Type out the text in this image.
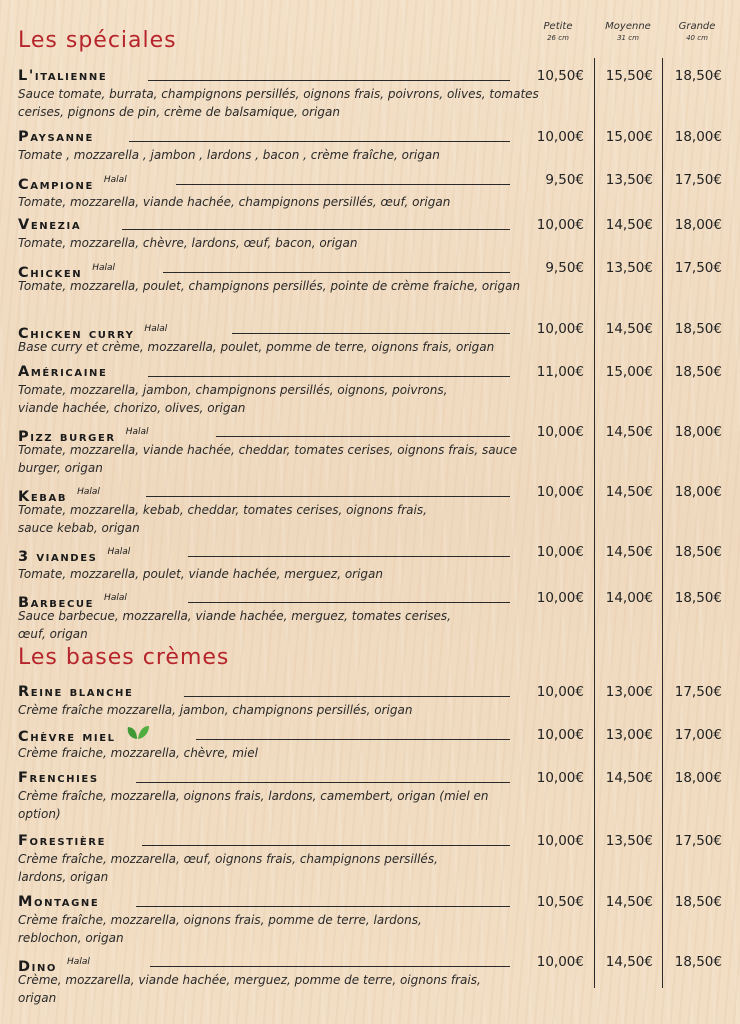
Les spéciales
Petite
26 cm
Moyenne
31 cm
Grande
40 cm
L'italienne	10,50€	15,50€	18,50€
Sauce tomate, burrata, champignons persillés, oignons frais, poivrons, olives, tomates cerises, pignons de pin, crème de balsamique, origan
Paysanne	10,00€	15,00€	18,00€
Tomate , mozzarella , jambon , lardons , bacon , crème fraîche, origan
Campione $^{Halal}$	9,50€	13,50€	17,50€
Tomate, mozzarella, viande hachée, champignons persillés, œuf, origan
Venezia	10,00€	14,50€	18,00€
Tomate, mozzarella, chèvre, lardons, œuf, bacon, origan
Chicken $^{Halal}$	9,50€	13,50€	17,50€
Tomate, mozzarella, poulet, champignons persillés, pointe de crème fraiche, origan
Chicken curry $^{Halal}$	10,00€	14,50€	18,50€
Base curry et crème, mozzarella, poulet, pomme de terre, oignons frais, origan
Américaine	11,00€	15,00€	18,50€
Tomate, mozzarella, jambon, champignons persillés, oignons, poivrons, viande hachée, chorizo, olives, origan
Pizz burger $^{Halal}$	10,00€	14,50€	18,00€
Tomate, mozzarella, viande hachée, cheddar, tomates cerises, oignons frais, sauce burger, origan
Kebab $^{Halal}$	10,00€	14,50€	18,00€
Tomate, mozzarella, kebab, cheddar, tomates cerises, oignons frais, sauce kebab, origan
3 viandes $^{Halal}$	10,00€	14,50€	18,50€
Tomate, mozzarella, poulet, viande hachée, merguez, origan
Barbecue $^{Halal}$	10,00€	14,00€	18,50€
Sauce barbecue, mozzarella, viande hachée, merguez, tomates cerises, œuf, origan
Les bases crèmes
Reine blanche	10,00€	13,00€	17,50€
Crème fraîche mozzarella, jambon, champignons persillés, origan
Chèvre miel	10,00€	13,00€	17,00€
Crème fraiche, mozzarella, chèvre, miel
Frenchies	10,00€	14,50€	18,00€
Crème fraîche, mozzarella, oignons frais, lardons, camembert, origan (miel en option)
Forestière	10,00€	13,50€	17,50€
Crème fraîche, mozzarella, œuf, oignons frais, champignons persillés, lardons, origan
Montagne	10,50€	14,50€	18,50€
Crème fraîche, mozzarella, oignons frais, pomme de terre, lardons, reblochon, origan
Dino $^{Halal}$	10,00€	14,50€	18,50€
Crème, mozzarella, viande hachée, merguez, pomme de terre, oignons frais, origan
